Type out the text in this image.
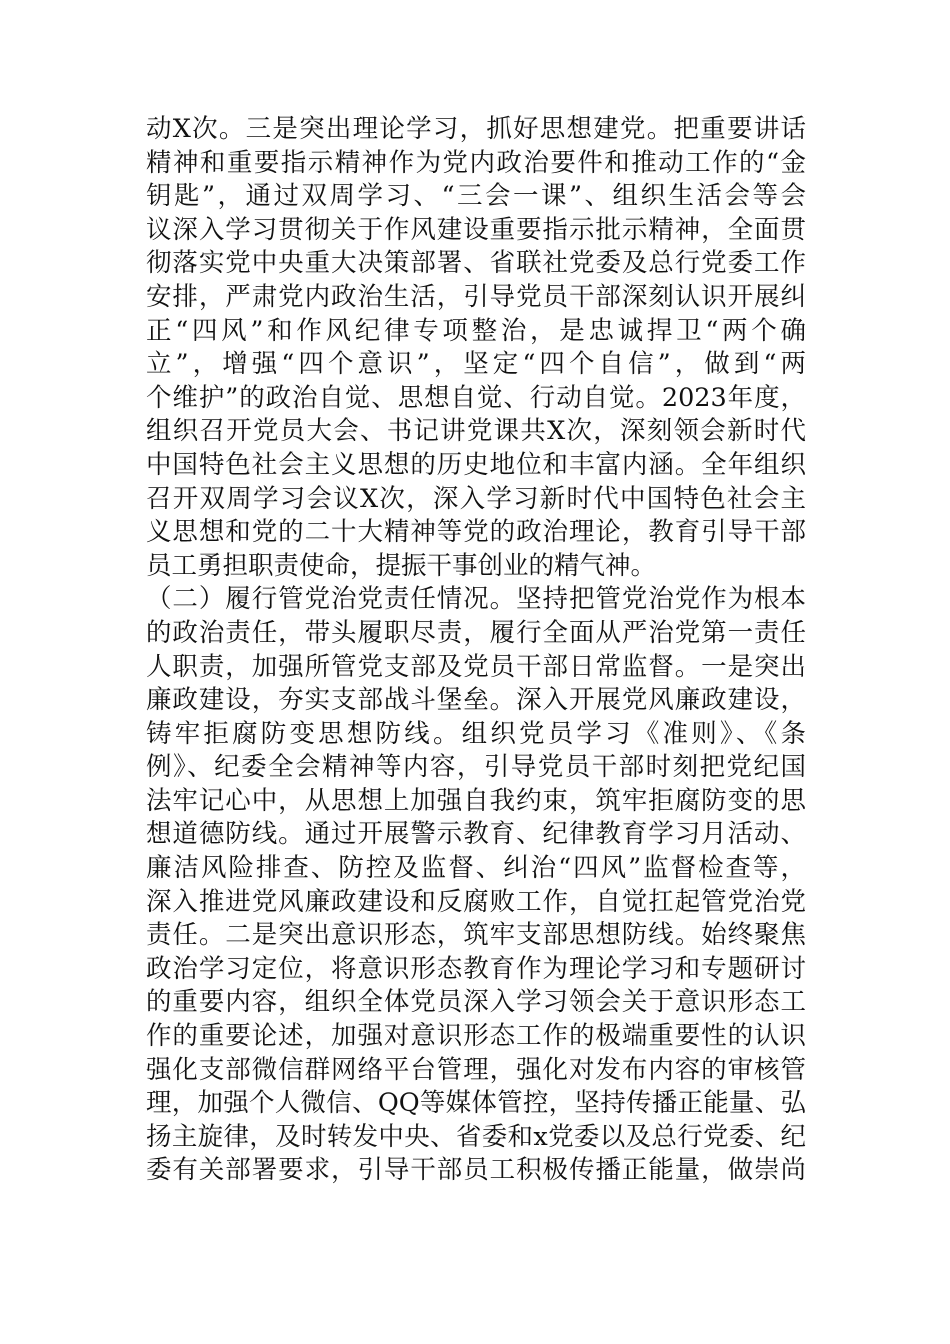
动X次。三是突出理论学习，抓好思想建党。把重要讲话
精神和重要指示精神作为党内政治要件和推动工作的“金
钥匙”，通过双周学习、“三会一课”、组织生活会等会
议深入学习贯彻关于作风建设重要指示批示精神，全面贯
彻落实党中央重大决策部署、省联社党委及总行党委工作
安排，严肃党内政治生活，引导党员干部深刻认识开展纠
正“四风”和作风纪律专项整治，是忠诚捍卫“两个确
立”，增强“四个意识”，坚定“四个自信”，做到“两
个维护”的政治自觉、思想自觉、行动自觉。2023年度，
组织召开党员大会、书记讲党课共X次，深刻领会新时代
中国特色社会主义思想的历史地位和丰富内涵。全年组织
召开双周学习会议X次，深入学习新时代中国特色社会主
义思想和党的二十大精神等党的政治理论，教育引导干部
员工勇担职责使命，提振干事创业的精气神。
（二）履行管党治党责任情况。坚持把管党治党作为根本
的政治责任，带头履职尽责，履行全面从严治党第一责任
人职责，加强所管党支部及党员干部日常监督。一是突出
廉政建设，夯实支部战斗堡垒。深入开展党风廉政建设，
铸牢拒腐防变思想防线。组织党员学习《准则》、《条
例》、纪委全会精神等内容，引导党员干部时刻把党纪国
法牢记心中，从思想上加强自我约束，筑牢拒腐防变的思
想道德防线。通过开展警示教育、纪律教育学习月活动、
廉洁风险排查、防控及监督、纠治“四风”监督检查等，
深入推进党风廉政建设和反腐败工作，自觉扛起管党治党
责任。二是突出意识形态，筑牢支部思想防线。始终聚焦
政治学习定位，将意识形态教育作为理论学习和专题研讨
的重要内容，组织全体党员深入学习领会关于意识形态工
作的重要论述，加强对意识形态工作的极端重要性的认识
强化支部微信群网络平台管理，强化对发布内容的审核管
理，加强个人微信、QQ等媒体管控，坚持传播正能量、弘
扬主旋律，及时转发中央、省委和x党委以及总行党委、纪
委有关部署要求，引导干部员工积极传播正能量，做崇尚
